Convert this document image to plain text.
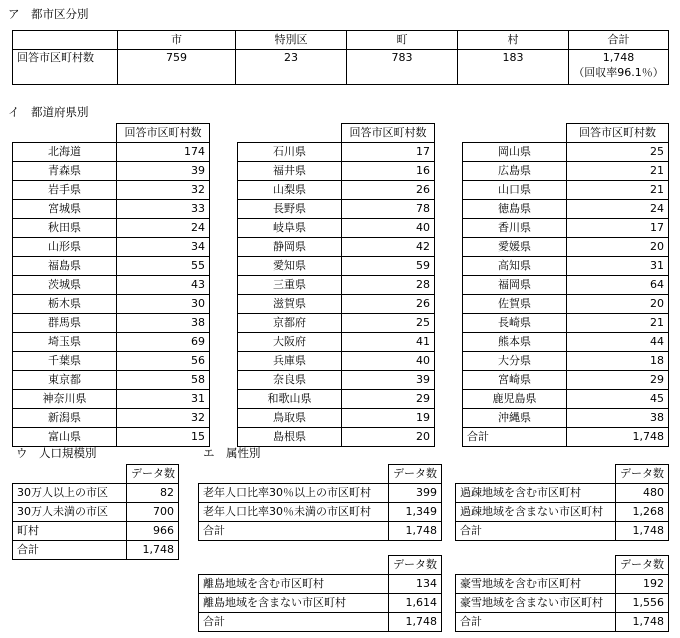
ア　都市区分別
	市	特別区	町	村	合計
回答市区町村数	759	23	783	183	1,748
（回収率96.1％）
イ　都道府県別
	回答市区町村数
北海道	174
青森県	39
岩手県	32
宮城県	33
秋田県	24
山形県	34
福島県	55
茨城県	43
栃木県	30
群馬県	38
埼玉県	69
千葉県	56
東京都	58
神奈川県	31
新潟県	32
富山県	15
	回答市区町村数
石川県	17
福井県	16
山梨県	26
長野県	78
岐阜県	40
静岡県	42
愛知県	59
三重県	28
滋賀県	26
京都府	25
大阪府	41
兵庫県	40
奈良県	39
和歌山県	29
鳥取県	19
島根県	20
	回答市区町村数
岡山県	25
広島県	21
山口県	21
徳島県	24
香川県	17
愛媛県	20
高知県	31
福岡県	64
佐賀県	20
長崎県	21
熊本県	44
大分県	18
宮崎県	29
鹿児島県	45
沖縄県	38
合計	1,748
ウ　人口規模別
	データ数
30万人以上の市区	82
30万人未満の市区	700
町村	966
合計	1,748
エ　属性別
	データ数
老年人口比率30％以上の市区町村	399
老年人口比率30％未満の市区町村	1,349
合計	1,748
	データ数
過疎地域を含む市区町村	480
過疎地域を含まない市区町村	1,268
合計	1,748
	データ数
離島地域を含む市区町村	134
離島地域を含まない市区町村	1,614
合計	1,748
	データ数
豪雪地域を含む市区町村	192
豪雪地域を含まない市区町村	1,556
合計	1,748
